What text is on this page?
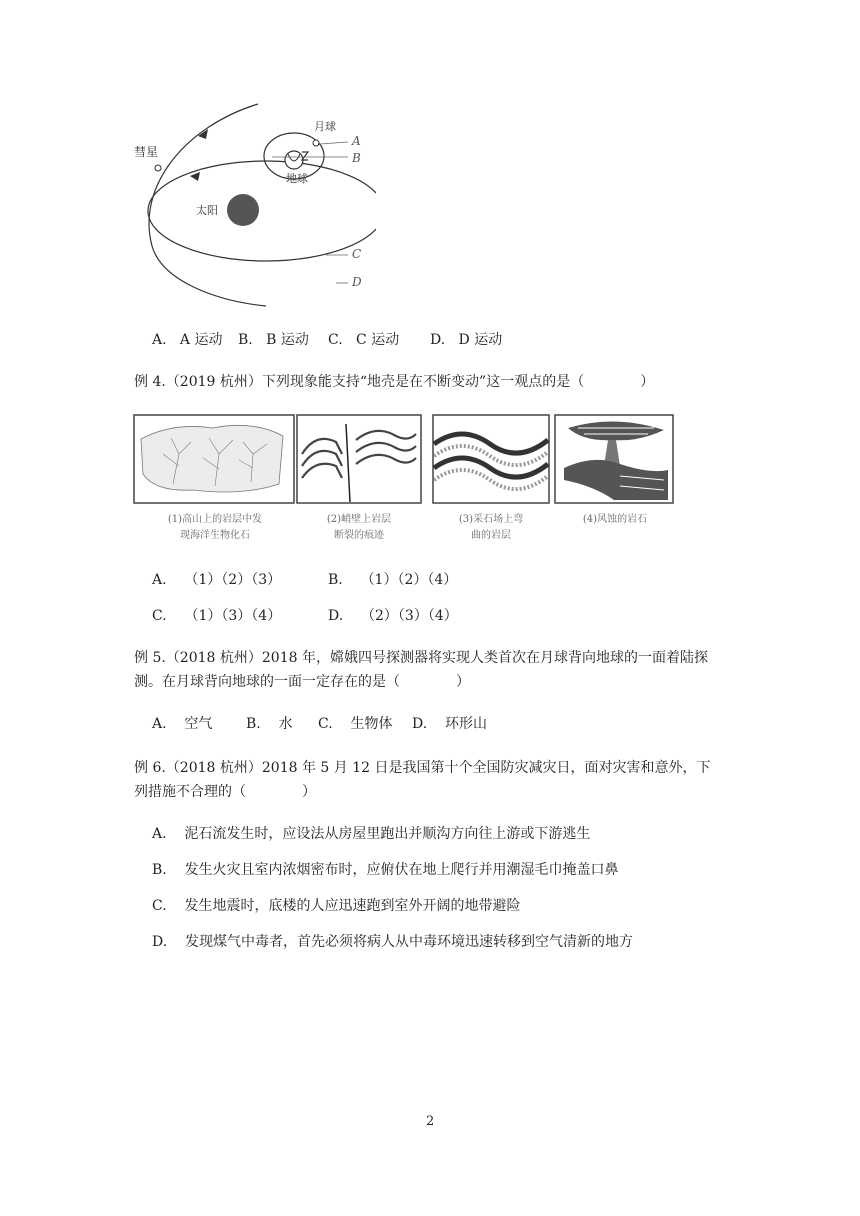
彗星
月球
地球
太阳
A
B
C
D
A. A 运动 B. B 运动 C. C 运动 D. D 运动
例 4.（2019 杭州）下列现象能支持“地壳是在不断变动”这一观点的是（　　　　）
(1)高山上的岩层中发
现海洋生物化石
(2)峭壁上岩层
断裂的痕迹
(3)采石场上弯
曲的岩层
(4)风蚀的岩石
A. （1）（2）（3）	B. （1）（2）（4）
C. （1）（3）（4）	D. （2）（3）（4）
例 5.（2018 杭州）2018 年，嫦娥四号探测器将实现人类首次在月球背向地球的一面着陆探
测。在月球背向地球的一面一定存在的是（　　　　）
A. 空气 B. 水 C. 生物体 D. 环形山
例 6.（2018 杭州）2018 年 5 月 12 日是我国第十个全国防灾减灾日，面对灾害和意外，下
列措施不合理的（　　　　）
A. 泥石流发生时，应设法从房屋里跑出并顺沟方向往上游或下游逃生
B. 发生火灾且室内浓烟密布时，应俯伏在地上爬行并用潮湿毛巾掩盖口鼻
C. 发生地震时，底楼的人应迅速跑到室外开阔的地带避险
D. 发现煤气中毒者，首先必须将病人从中毒环境迅速转移到空气清新的地方
2
